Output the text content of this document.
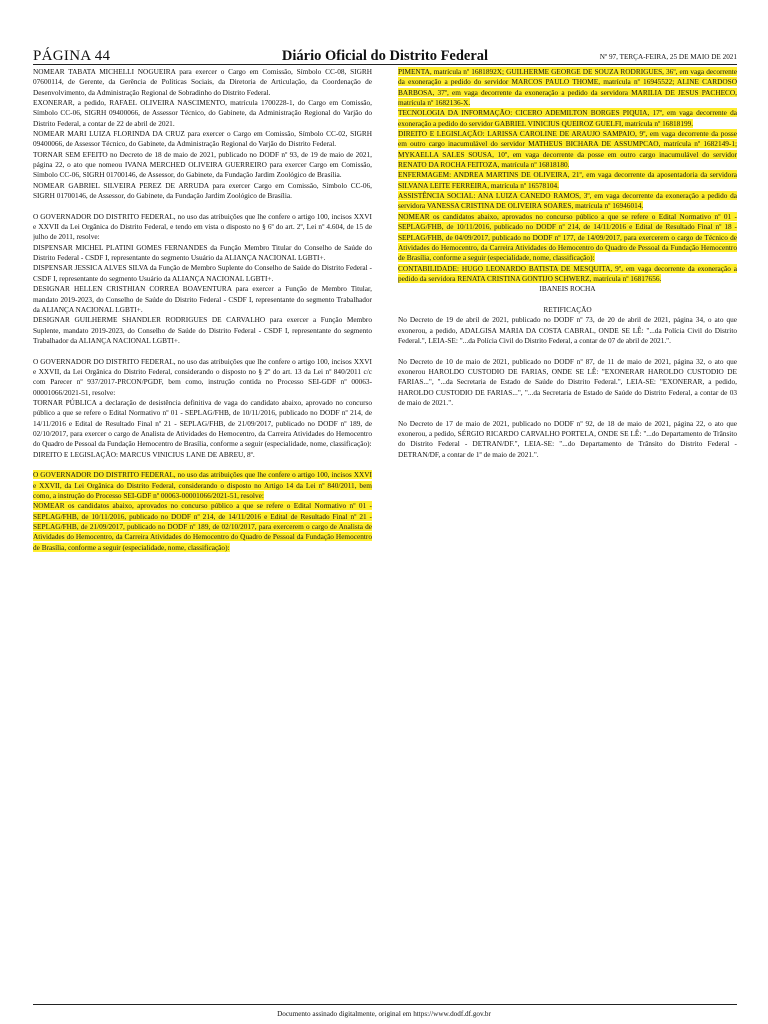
PÁGINA 44	Diário Oficial do Distrito Federal	Nº 97, TERÇA-FEIRA, 25 DE MAIO DE 2021

NOMEAR TABATA MICHELLI NOGUEIRA para exercer o Cargo em Comissão, Símbolo CC-08, SIGRH 07600114, de Gerente, da Gerência de Políticas Sociais, da Diretoria de Articulação, da Coordenação de Desenvolvimento, da Administração Regional de Sobradinho do Distrito Federal.

EXONERAR, a pedido, RAFAEL OLIVEIRA NASCIMENTO, matrícula 1700228-1, do Cargo em Comissão, Símbolo CC-06, SIGRH 09400066, de Assessor Técnico, do Gabinete, da Administração Regional do Varjão do Distrito Federal, a contar de 22 de abril de 2021.

NOMEAR MARI LUIZA FLORINDA DA CRUZ para exercer o Cargo em Comissão, Símbolo CC-02, SIGRH 09400066, de Assessor Técnico, do Gabinete, da Administração Regional do Varjão do Distrito Federal.

TORNAR SEM EFEITO no Decreto de 18 de maio de 2021, publicado no DODF nº 93, de 19 de maio de 2021, página 22, o ato que nomeou IVANA MERCHED OLIVEIRA GUERREIRO para exercer Cargo em Comissão, Símbolo CC-06, SIGRH 01700146, de Assessor, do Gabinete, da Fundação Jardim Zoológico de Brasília.

NOMEAR GABRIEL SILVEIRA PEREZ DE ARRUDA para exercer Cargo em Comissão, Símbolo CC-06, SIGRH 01700146, de Assessor, do Gabinete, da Fundação Jardim Zoológico de Brasília.

O GOVERNADOR DO DISTRITO FEDERAL, no uso das atribuições que lhe confere o artigo 100, incisos XXVI e XXVII da Lei Orgânica do Distrito Federal, e tendo em vista o disposto no § 6º do art. 2º, Lei nº 4.604, de 15 de julho de 2011, resolve:

DISPENSAR MICHEL PLATINI GOMES FERNANDES da Função Membro Titular do Conselho de Saúde do Distrito Federal - CSDF I, representante do segmento Usuário da ALIANÇA NACIONAL LGBTI+.

DISPENSAR JESSICA ALVES SILVA da Função de Membro Suplente do Conselho de Saúde do Distrito Federal - CSDF I, representante do segmento Usuário da ALIANÇA NACIONAL LGBTI+.

DESIGNAR HELLEN CRISTHIAN CORREA BOAVENTURA para exercer a Função de Membro Titular, mandato 2019-2023, do Conselho de Saúde do Distrito Federal - CSDF I, representante do segmento Trabalhador da ALIANÇA NACIONAL LGBTI+.

DESIGNAR GUILHERME SHANDLER RODRIGUES DE CARVALHO para exercer a Função Membro Suplente, mandato 2019-2023, do Conselho de Saúde do Distrito Federal - CSDF I, representante do segmento Trabalhador da ALIANÇA NACIONAL LGBTI+.

O GOVERNADOR DO DISTRITO FEDERAL, no uso das atribuições que lhe confere o artigo 100, incisos XXVI e XXVII, da Lei Orgânica do Distrito Federal, considerando o disposto no § 2º do art. 13 da Lei nº 840/2011 c/c com Parecer nº 937/2017-PRCON/PGDF, bem como, instrução contida no Processo SEI-GDF nº 00063-00001066/2021-51, resolve:

TORNAR PÚBLICA a declaração de desistência definitiva de vaga do candidato abaixo, aprovado no concurso público a que se refere o Edital Normativo nº 01 - SEPLAG/FHB, de 10/11/2016, publicado no DODF nº 214, de 14/11/2016 e Edital de Resultado Final nº 21 - SEPLAG/FHB, de 21/09/2017, publicado no DODF nº 189, de 02/10/2017, para exercer o cargo de Analista de Atividades do Hemocentro, da Carreira Atividades do Hemocentro do Quadro de Pessoal da Fundação Hemocentro de Brasília, conforme a seguir (especialidade, nome, classificação):

DIREITO E LEGISLAÇÃO: MARCUS VINICIUS LANE DE ABREU, 8º.

O GOVERNADOR DO DISTRITO FEDERAL, no uso das atribuições que lhe confere o artigo 100, incisos XXVI e XXVII, da Lei Orgânica do Distrito Federal, considerando o disposto no Artigo 14 da Lei nº 840/2011, bem como, a instrução do Processo SEI-GDF nº 00063-00001066/2021-51, resolve:

NOMEAR os candidatos abaixo, aprovados no concurso público a que se refere o Edital Normativo nº 01 - SEPLAG/FHB, de 10/11/2016, publicado no DODF nº 214, de 14/11/2016 e Edital de Resultado Final nº 21 - SEPLAG/FHB, de 21/09/2017, publicado no DODF nº 189, de 02/10/2017, para exercerem o cargo de Analista de Atividades do Hemocentro, da Carreira Atividades do Hemocentro do Quadro de Pessoal da Fundação Hemocentro de Brasília, conforme a seguir (especialidade, nome, classificação):

PIMENTA, matrícula nº 1681892X; GUILHERME GEORGE DE SOUZA RODRIGUES, 36º, em vaga decorrente da exoneração a pedido do servidor MARCOS PAULO THOME, matrícula nº 16945522; ALINE CARDOSO BARBOSA, 37º, em vaga decorrente da exoneração a pedido da servidora MARILIA DE JESUS PACHECO, matrícula nº 1682136-X.

TECNOLOGIA DA INFORMAÇÃO: CICERO ADEMILTON BORGES PIQUIA, 17º, em vaga decorrente da exoneração a pedido do servidor GABRIEL VINICIUS QUEIROZ GUELFI, matrícula nº 16818199.

DIREITO E LEGISLAÇÃO: LARISSA CAROLINE DE ARAUJO SAMPAIO, 9º, em vaga decorrente da posse em outro cargo inacumulável do servidor MATHEUS BICHARA DE ASSUMPCAO, matrícula nº 1682149-1; MYKAELLA SALES SOUSA, 10º, em vaga decorrente da posse em outro cargo inacumulável do servidor RENATO DA ROCHA FEITOZA, matrícula nº 16818180.

ENFERMAGEM: ANDREA MARTINS DE OLIVEIRA, 21º, em vaga decorrente da aposentadoria da servidora SILVANA LEITE FERREIRA, matrícula nº 16578104.

ASSISTÊNCIA SOCIAL: ANA LUIZA CANEDO RAMOS, 3º, em vaga decorrente da exoneração a pedido da servidora VANESSA CRISTINA DE OLIVEIRA SOARES, matrícula nº 16946014.

NOMEAR os candidatos abaixo, aprovados no concurso público a que se refere o Edital Normativo nº 01 - SEPLAG/FHB, de 10/11/2016, publicado no DODF nº 214, de 14/11/2016 e Edital de Resultado Final nº 18 - SEPLAG/FHB, de 04/09/2017, publicado no DODF nº 177, de 14/09/2017, para exercerem o cargo de Técnico de Atividades do Hemocentro, da Carreira Atividades do Hemocentro do Quadro de Pessoal da Fundação Hemocentro de Brasília, conforme a seguir (especialidade, nome, classificação):

CONTABILIDADE: HUGO LEONARDO BATISTA DE MESQUITA, 9º, em vaga decorrente da exoneração a pedido da servidora RENATA CRISTINA GONTIJO SCHWERZ, matrícula nº 16817656.

IBANEIS ROCHA

RETIFICAÇÃO

No Decreto de 19 de abril de 2021, publicado no DODF nº 73, de 20 de abril de 2021, página 34, o ato que exonerou, a pedido, ADALGISA MARIA DA COSTA CABRAL, ONDE SE LÊ: "...da Polícia Civil do Distrito Federal.", LEIA-SE: "...da Polícia Civil do Distrito Federal, a contar de 07 de abril de 2021.".

No Decreto de 10 de maio de 2021, publicado no DODF nº 87, de 11 de maio de 2021, página 32, o ato que exonerou HAROLDO CUSTODIO DE FARIAS, ONDE SE LÊ: "EXONERAR HAROLDO CUSTODIO DE FARIAS...", "...da Secretaria de Estado de Saúde do Distrito Federal.", LEIA-SE: "EXONERAR, a pedido, HAROLDO CUSTODIO DE FARIAS...", "...da Secretaria de Estado de Saúde do Distrito Federal, a contar de 03 de maio de 2021.".

No Decreto de 17 de maio de 2021, publicado no DODF nº 92, de 18 de maio de 2021, página 22, o ato que exonerou, a pedido, SÉRGIO RICARDO CARVALHO PORTELA, ONDE SE LÊ: "...do Departamento de Trânsito do Distrito Federal - DETRAN/DF.", LEIA-SE: "...do Departamento de Trânsito do Distrito Federal - DETRAN/DF, a contar de 1º de maio de 2021.".

Documento assinado digitalmente, original em https://www.dodf.df.gov.br
